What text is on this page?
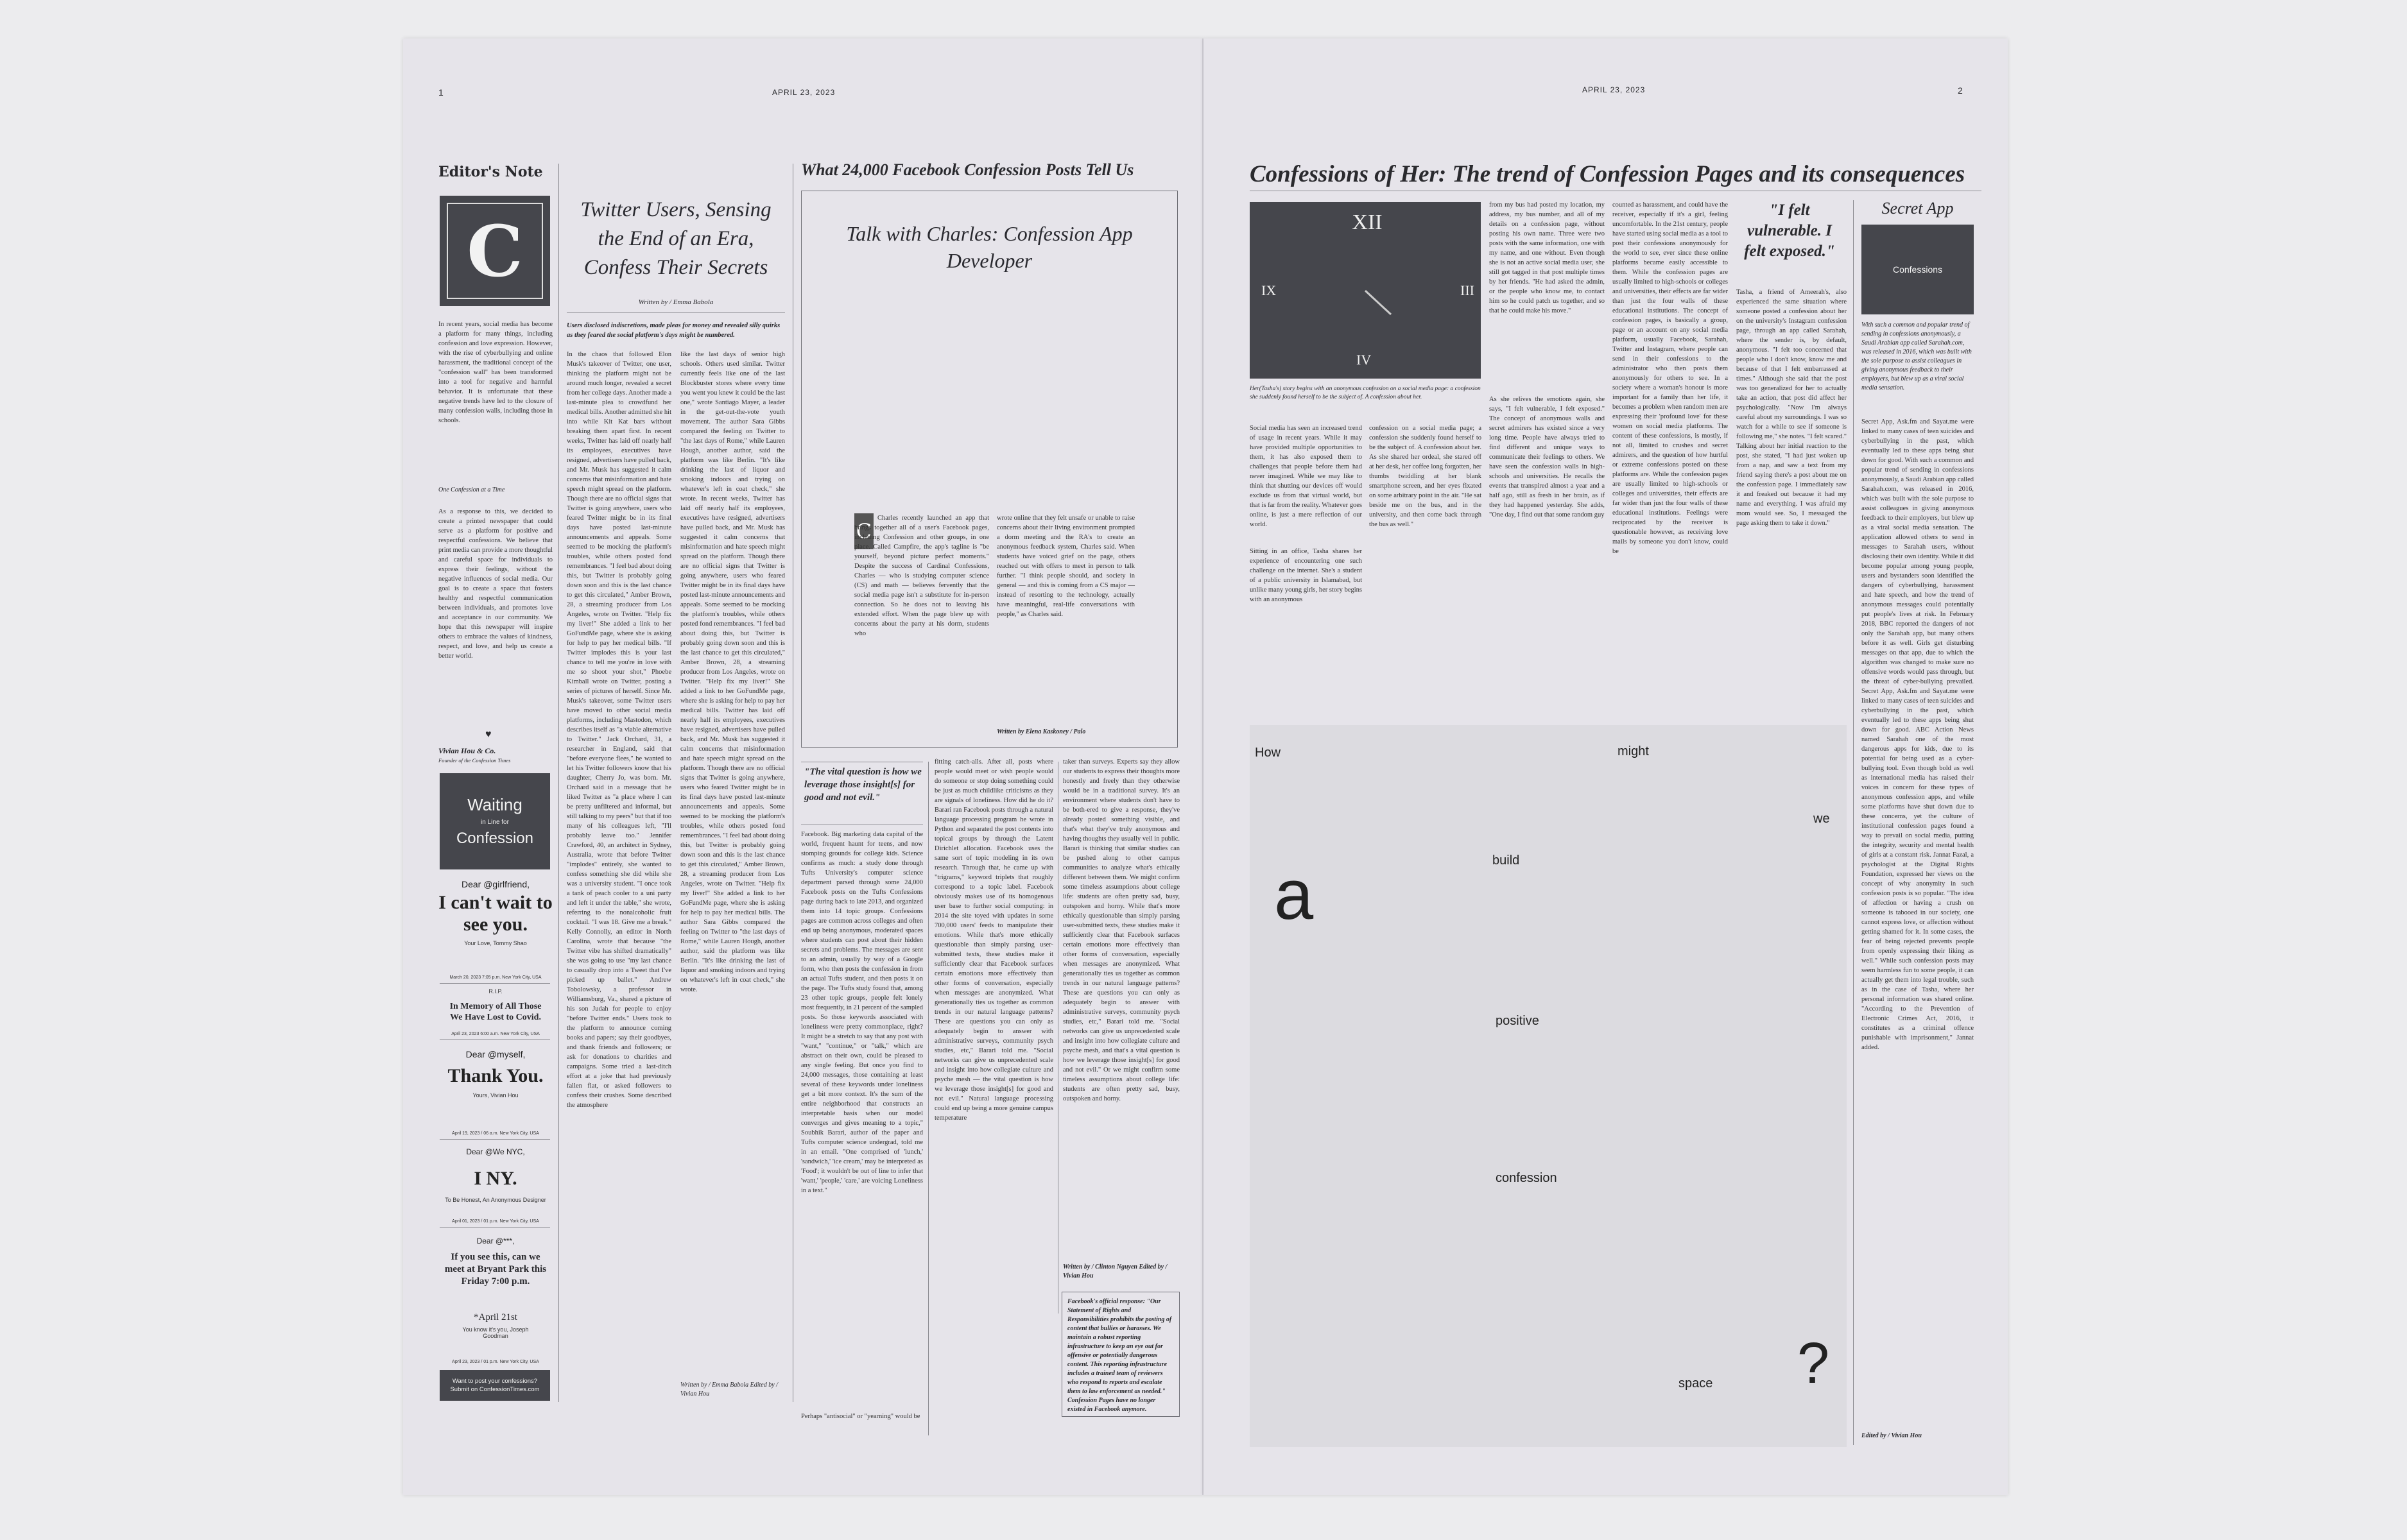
1	APRIL 23, 2023
Editor's Note
C
In recent years, social media has become a platform for many things, including confession and love expression. However, with the rise of cyberbullying and online harassment, the traditional concept of the "confession wall" has been transformed into a tool for negative and harmful behavior. It is unfortunate that these negative trends have led to the closure of many confession walls, including those in schools.
One Confession at a Time
As a response to this, we decided to create a printed newspaper that could serve as a platform for positive and respectful confessions. We believe that print media can provide a more thoughtful and careful space for individuals to express their feelings, without the negative influences of social media. Our goal is to create a space that fosters healthy and respectful communication between individuals, and promotes love and acceptance in our community. We hope that this newspaper will inspire others to embrace the values of kindness, respect, and love, and help us create a better world.
♥
Vivian Hou & Co.
Founder of the Confession Times
Waiting
in Line for
Confession
Dear @girlfriend,
I can't wait to see you.
Your Love, Tommy Shao
March 20, 2023 7:05 p.m. New York City, USA
R.I.P.
In Memory of All Those We Have Lost to Covid.
April 23, 2023 6:00 a.m. New York City, USA
Dear @myself,
Thank You.
Yours, Vivian Hou
April 19, 2023 / 06 a.m. New York City, USA
Dear @We NYC,
I NY.
To Be Honest, An Anonymous Designer
April 01, 2023 / 01 p.m. New York City, USA
Dear @***,
If you see this, can we meet at Bryant Park this Friday 7:00 p.m.
*April 21st
You know it's you, Joseph Goodman
April 23, 2023 / 01 p.m. New York City, USA
Want to post your confessions? Submit on ConfessionTimes.com
Twitter Users, Sensing the End of an Era, Confess Their Secrets
Written by / Emma Babola
Users disclosed indiscretions, made pleas for money and revealed silly quirks as they feared the social platform's days might be numbered.
In the chaos that followed Elon Musk's takeover of Twitter, one user, thinking the platform might not be around much longer, revealed a secret from her college days. Another made a last-minute plea to crowdfund her medical bills. Another admitted she hit into while Kit Kat bars without breaking them apart first. In recent weeks, Twitter has laid off nearly half its employees, executives have resigned, advertisers have pulled back, and Mr. Musk has suggested it calm concerns that misinformation and hate speech might spread on the platform. Though there are no official signs that Twitter is going anywhere, users who feared Twitter might be in its final days have posted last-minute announcements and appeals. Some seemed to be mocking the platform's troubles, while others posted fond remembrances. "I feel bad about doing this, but Twitter is probably going down soon and this is the last chance to get this circulated," Amber Brown, 28, a streaming producer from Los Angeles, wrote on Twitter. "Help fix my liver!" She added a link to her GoFundMe page, where she is asking for help to pay her medical bills. "If Twitter implodes this is your last chance to tell me you're in love with me so shoot your shot," Phoebe Kimball wrote on Twitter, posting a series of pictures of herself. Since Mr. Musk's takeover, some Twitter users have moved to other social media platforms, including Mastodon, which describes itself as "a viable alternative to Twitter." Jack Orchard, 31, a researcher in England, said that "before everyone flees," he wanted to let his Twitter followers know that his daughter, Cherry Jo, was born. Mr. Orchard said in a message that he liked Twitter as "a place where I can be pretty unfiltered and informal, but still talking to my peers" but that if too many of his colleagues left, "I'll probably leave too." Jennifer Crawford, 40, an architect in Sydney, Australia, wrote that before Twitter "implodes" entirely, she wanted to confess something she did while she was a university student. "I once took a tank of peach cooler to a uni party and left it under the table," she wrote, referring to the nonalcoholic fruit cocktail. "I was 18. Give me a break." Kelly Connolly, an editor in North Carolina, wrote that because "the Twitter vibe has shifted dramatically" she was going to use "my last chance to casually drop into a Tweet that I've picked up ballet." Andrew Tobolowsky, a professor in Williamsburg, Va., shared a picture of his son Judah for people to enjoy "before Twitter ends." Users took to the platform to announce coming books and papers; say their goodbyes, and thank friends and followers; or ask for donations to charities and campaigns. Some tried a last-ditch effort at a joke that had previously fallen flat, or asked followers to confess their crushes. Some described the atmosphere
like the last days of senior high schools. Others used similar. Twitter currently feels like one of the last Blockbuster stores where every time you went you knew it could be the last one," wrote Santiago Mayer, a leader in the get-out-the-vote youth movement. The author Sara Gibbs compared the feeling on Twitter to "the last days of Rome," while Lauren Hough, another author, said the platform was like Berlin. "It's like drinking the last of liquor and smoking indoors and trying on whatever's left in coat check," she wrote. In recent weeks, Twitter has laid off nearly half its employees, executives have resigned, advertisers have pulled back, and Mr. Musk has suggested it calm concerns that misinformation and hate speech might spread on the platform. Though there are no official signs that Twitter is going anywhere, users who feared Twitter might be in its final days have posted last-minute announcements and appeals. Some seemed to be mocking the platform's troubles, while others posted fond remembrances. "I feel bad about doing this, but Twitter is probably going down soon and this is the last chance to get this circulated," Amber Brown, 28, a streaming producer from Los Angeles, wrote on Twitter. "Help fix my liver!" She added a link to her GoFundMe page, where she is asking for help to pay her medical bills. Twitter has laid off nearly half its employees, executives have resigned, advertisers have pulled back, and Mr. Musk has suggested it calm concerns that misinformation and hate speech might spread on the platform. Though there are no official signs that Twitter is going anywhere, users who feared Twitter might be in its final days have posted last-minute announcements and appeals. Some seemed to be mocking the platform's troubles, while others posted fond remembrances. "I feel bad about doing this, but Twitter is probably going down soon and this is the last chance to get this circulated," Amber Brown, 28, a streaming producer from Los Angeles, wrote on Twitter. "Help fix my liver!" She added a link to her GoFundMe page, where she is asking for help to pay her medical bills. The author Sara Gibbs compared the feeling on Twitter to "the last days of Rome," while Lauren Hough, another author, said the platform was like Berlin. "It's like drinking the last of liquor and smoking indoors and trying on whatever's left in coat check," she wrote.
Written by / Emma Babola Edited by / Vivian Hou
What 24,000 Facebook Confession Posts Tell Us
Talk with Charles: Confession App Developer
C
Charles recently launched an app that brings together all of a user's Facebook pages, including Confession and other groups, in one place. Called Campfire, the app's tagline is "be yourself, beyond picture perfect moments." Despite the success of Cardinal Confessions, Charles — who is studying computer science (CS) and math — believes fervently that the social media page isn't a substitute for in-person connection. So he does not to leaving his extended effort. When the page blew up with concerns about the party at his dorm, students who
wrote online that they felt unsafe or unable to raise concerns about their living environment prompted a dorm meeting and the RA's to create an anonymous feedback system, Charles said. When students have voiced grief on the page, others reached out with offers to meet in person to talk further. "I think people should, and society in general — and this is coming from a CS major — instead of resorting to the technology, actually have meaningful, real-life conversations with people," as Charles said.
Written by Elena Kaskoney / Palo
"The vital question is how we leverage those insight[s] for good and not evil."
Facebook. Big marketing data capital of the world, frequent haunt for teens, and now stomping grounds for college kids. Science confirms as much: a study done through Tufts University's computer science department parsed through some 24,000 Facebook posts on the Tufts Confessions page during back to late 2013, and organized them into 14 topic groups. Confessions pages are common across colleges and often end up being anonymous, moderated spaces where students can post about their hidden secrets and problems. The messages are sent to an admin, usually by way of a Google form, who then posts the confession in from an actual Tufts student, and then posts it on the page. The Tufts study found that, among 23 other topic groups, people felt lonely most frequently, in 21 percent of the sampled posts. So those keywords associated with loneliness were pretty commonplace, right? It might be a stretch to say that any post with "want," "continue," or "talk," which are abstract on their own, could be pleased to any single feeling. But once you find to 24,000 messages, those containing at least several of these keywords under loneliness get a bit more context. It's the sum of the entire neighborhood that constructs an interpretable basis when our model converges and gives meaning to a topic," Soubhik Barari, author of the paper and Tufts computer science undergrad, told me in an email. "One comprised of 'lunch,' 'sandwich,' 'ice cream,' may be interpreted as 'Food'; it wouldn't be out of line to infer that 'want,' 'people,' 'care,' are voicing Loneliness in a text."
Perhaps "antisocial" or "yearning" would be
fitting catch-alls. After all, posts where people would meet or wish people would do someone or stop doing something could be just as much childlike criticisms as they are signals of loneliness. How did he do it? Barari ran Facebook posts through a natural language processing program he wrote in Python and separated the post contents into topical groups by through the Latent Dirichlet allocation. Facebook uses the same sort of topic modeling in its own research. Through that, he came up with "trigrams," keyword triplets that roughly correspond to a topic label. Facebook obviously makes use of its homogenous user base to further social computing: in 2014 the site toyed with updates in some 700,000 users' feeds to manipulate their emotions. While that's more ethically questionable than simply parsing user-submitted texts, these studies make it sufficiently clear that Facebook surfaces certain emotions more effectively than other forms of conversation, especially when messages are anonymized. What generationally ties us together as common trends in our natural language patterns? These are questions you can only as adequately begin to answer with administrative surveys, community psych studies, etc," Barari told me. "Social networks can give us unprecedented scale and insight into how collegiate culture and psyche mesh — the vital question is how we leverage those insight[s] for good and not evil." Natural language processing could end up being a more genuine campus temperature
taker than surveys. Experts say they allow our students to express their thoughts more honestly and freely than they otherwise would be in a traditional survey. It's an environment where students don't have to be both-ered to give a response, they've already posted something visible, and that's what they've truly anonymous and having thoughts they usually veil in public. Barari is thinking that similar studies can be pushed along to other campus communities to analyze what's ethically different between them. We might confirm some timeless assumptions about college life: students are often pretty sad, busy, outspoken and horny. While that's more ethically questionable than simply parsing user-submitted texts, these studies make it sufficiently clear that Facebook surfaces certain emotions more effectively than other forms of conversation, especially when messages are anonymized. What generationally ties us together as common trends in our natural language patterns? These are questions you can only as adequately begin to answer with administrative surveys, community psych studies, etc," Barari told me. "Social networks can give us unprecedented scale and insight into how collegiate culture and psyche mesh, and that's a vital question is how we leverage those insight[s] for good and not evil." Or we might confirm some timeless assumptions about college life: students are often pretty sad, busy, outspoken and horny.
Written by / Clinton Nguyen Edited by / Vivian Hou
Facebook's official response: "Our Statement of Rights and Responsibilities prohibits the posting of content that bullies or harasses. We maintain a robust reporting infrastructure to keep an eye out for offensive or potentially dangerous content. This reporting infrastructure includes a trained team of reviewers who respond to reports and escalate them to law enforcement as needed." Confession Pages have no longer existed in Facebook anymore.
APRIL 23, 2023	2
Confessions of Her: The trend of Confession Pages and its consequences
XII
III
IV
IX
Her(Tasha's) story begins with an anonymous confession on a social media page: a confession she suddenly found herself to be the subject of. A confession about her.
from my bus had posted my location, my address, my bus number, and all of my details on a confession page, without posting his own name. Three were two posts with the same information, one with my name, and one without. Even though she is not an active social media user, she still got tagged in that post multiple times by her friends. "He had asked the admin, or the people who know me, to contact him so he could patch us together, and so that he could make his move."
Social media has seen an increased trend of usage in recent years. While it may have provided multiple opportunities to them, it has also exposed them to challenges that people before them had never imagined. While we may like to think that shutting our devices off would exclude us from that virtual world, but that is far from the reality. Whatever goes online, is just a mere reflection of our world.
Sitting in an office, Tasha shares her experience of encountering one such challenge on the internet. She's a student of a public university in Islamabad, but unlike many young girls, her story begins with an anonymous
confession on a social media page; a confession she suddenly found herself to be the subject of. A confession about her. As she shared her ordeal, she stared off at her desk, her coffee long forgotten, her thumbs twiddling at her blank smartphone screen, and her eyes fixated on some arbitrary point in the air. "He sat beside me on the bus, and in the university, and then come back through the bus as well."
As she relives the emotions again, she says, "I felt vulnerable, I felt exposed." The concept of anonymous walls and secret admirers has existed since a very long time. People have always tried to find different and unique ways to communicate their feelings to others. We have seen the confession walls in high-schools and universities. He recalls the events that transpired almost a year and a half ago, still as fresh in her brain, as if they had happened yesterday. She adds, "One day, I find out that some random guy
counted as harassment, and could have the receiver, especially if it's a girl, feeling uncomfortable. In the 21st century, people have started using social media as a tool to post their confessions anonymously for the world to see, ever since these online platforms became easily accessible to them. While the confession pages are usually limited to high-schools or colleges and universities, their effects are far wider than just the four walls of these educational institutions. The concept of confession pages, is basically a group, page or an account on any social media platform, usually Facebook, Sarahah, Twitter and Instagram, where people can send in their confessions to the administrator who then posts them anonymously for others to see. In a society where a woman's honour is more important for a family than her life, it becomes a problem when random men are expressing their 'profound love' for these women on social media platforms. The content of these confessions, is mostly, if not all, limited to crushes and secret admirers, and the question of how hurtful or extreme confessions posted on these platforms are. While the confession pages are usually limited to high-schools or colleges and universities, their effects are far wider than just the four walls of these educational institutions. Feelings were reciprocated by the receiver is questionable however, as receiving love mails by someone you don't know, could be
"I felt vulnerable. I felt exposed."
Tasha, a friend of Ameerah's, also experienced the same situation where someone posted a confession about her on the university's Instagram confession page, through an app called Sarahah, where the sender is, by default, anonymous. "I felt too concerned that people who I don't know, know me and because of that I felt embarrassed at times." Although she said that the post was too generalized for her to actually take an action, that post did affect her psychologically. "Now I'm always careful about my surroundings. I was so watch for a while to see if someone is following me," she notes. "I felt scared." Talking about her initial reaction to the post, she stated, "I had just woken up from a nap, and saw a text from my friend saying there's a post about me on the confession page. I immediately saw it and freaked out because it had my name and everything. I was afraid my mom would see. So, I messaged the page asking them to take it down."
Secret App
Confessions
With such a common and popular trend of sending in confessions anonymously, a Saudi Arabian app called Sarahah.com, was released in 2016, which was built with the sole purpose to assist colleagues in giving anonymous feedback to their employers, but blew up as a viral social media sensation.
Secret App, Ask.fm and Sayat.me were linked to many cases of teen suicides and cyberbullying in the past, which eventually led to these apps being shut down for good. With such a common and popular trend of sending in confessions anonymously, a Saudi Arabian app called Sarahah.com, was released in 2016, which was built with the sole purpose to assist colleagues in giving anonymous feedback to their employers, but blew up as a viral social media sensation. The application allowed others to send in messages to Sarahah users, without disclosing their own identity. While it did become popular among young people, users and bystanders soon identified the dangers of cyberbullying, harassment and hate speech, and how the trend of anonymous messages could potentially put people's lives at risk. In February 2018, BBC reported the dangers of not only the Sarahah app, but many others before it as well. Girls get disturbing messages on that app, due to which the algorithm was changed to make sure no offensive words would pass through, but the threat of cyber-bullying prevailed. Secret App, Ask.fm and Sayat.me were linked to many cases of teen suicides and cyberbullying in the past, which eventually led to these apps being shut down for good. ABC Action News named Sarahah one of the most dangerous apps for kids, due to its potential for being used as a cyber-bullying tool. Even though bold as well as international media has raised their voices in concern for these types of anonymous confession apps, and while some platforms have shut down due to these concerns, yet the culture of institutional confession pages found a way to prevail on social media, putting the integrity, security and mental health of girls at a constant risk. Jannat Fazal, a psychologist at the Digital Rights Foundation, expressed her views on the concept of why anonymity in such confession posts is so popular. "The idea of affection or having a crush on someone is tabooed in our society, one cannot express love, or affection without getting shamed for it. In some cases, the fear of being rejected prevents people from openly expressing their liking as well." While such confession posts may seem harmless fun to some people, it can actually get them into legal trouble, such as in the case of Tasha, where her personal information was shared online. "According to the Prevention of Electronic Crimes Act, 2016, it constitutes as a criminal offence punishable with imprisonment," Jannat added.
Edited by / Vivian Hou
How	might
we
build
a
positive
confession
space ?
